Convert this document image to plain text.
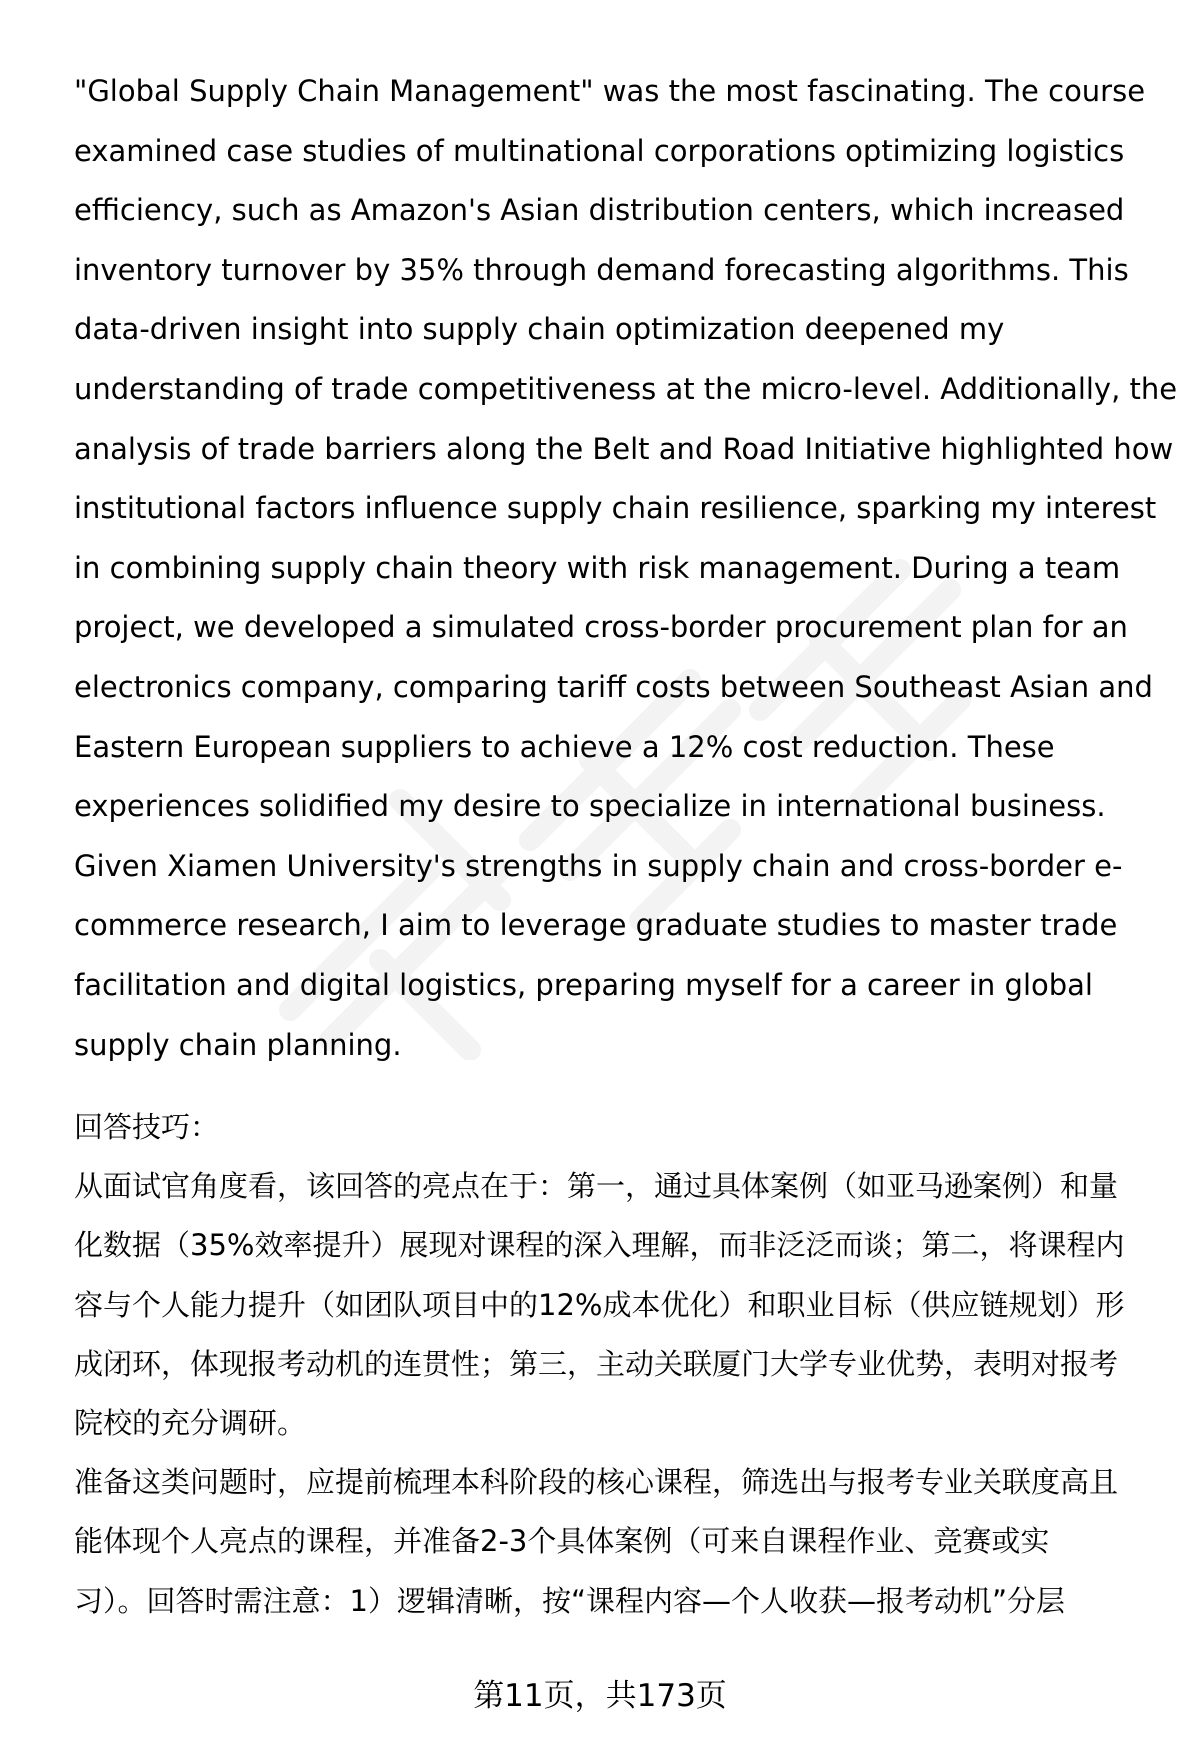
"Global Supply Chain Management" was the most fascinating. The course

examined case studies of multinational corporations optimizing logistics

efficiency, such as Amazon's Asian distribution centers, which increased

inventory turnover by 35% through demand forecasting algorithms. This

data-driven insight into supply chain optimization deepened my

understanding of trade competitiveness at the micro-level. Additionally, the

analysis of trade barriers along the Belt and Road Initiative highlighted how

institutional factors influence supply chain resilience, sparking my interest

in combining supply chain theory with risk management. During a team

project, we developed a simulated cross-border procurement plan for an

electronics company, comparing tariff costs between Southeast Asian and

Eastern European suppliers to achieve a 12% cost reduction. These

experiences solidified my desire to specialize in international business.

Given Xiamen University's strengths in supply chain and cross-border e-

commerce research, I aim to leverage graduate studies to master trade

facilitation and digital logistics, preparing myself for a career in global

supply chain planning.

回答技巧：

从面试官角度看，该回答的亮点在于：第一，通过具体案例（如亚马逊案例）和量

化数据（35%效率提升）展现对课程的深入理解，而非泛泛而谈；第二，将课程内

容与个人能力提升（如团队项目中的12%成本优化）和职业目标（供应链规划）形

成闭环，体现报考动机的连贯性；第三，主动关联厦门大学专业优势，表明对报考

院校的充分调研。

准备这类问题时，应提前梳理本科阶段的核心课程，筛选出与报考专业关联度高且

能体现个人亮点的课程，并准备2-3个具体案例（可来自课程作业、竞赛或实

习）。回答时需注意：1）逻辑清晰，按“课程内容—个人收获—报考动机”分层

第11页，共173页
